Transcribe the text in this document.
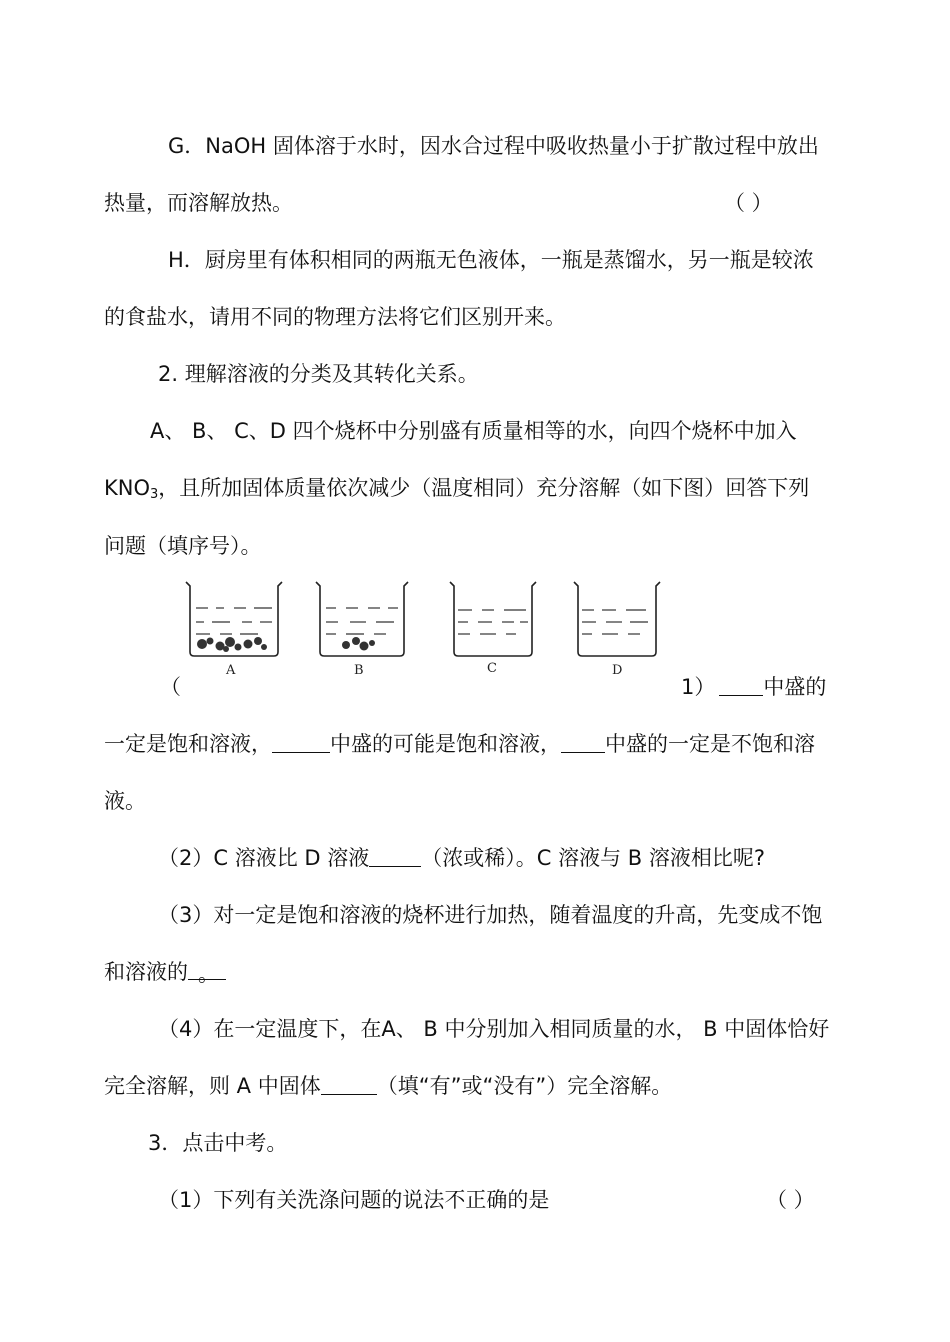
G．NaOH 固体溶于水时，因水合过程中吸收热量小于扩散过程中放出
热量，而溶解放热。	（ ）
H．厨房里有体积相同的两瓶无色液体，一瓶是蒸馏水，另一瓶是较浓
的食盐水，请用不同的物理方法将它们区别开来。
2. 理解溶液的分类及其转化关系。
A、 B、 C、D 四个烧杯中分别盛有质量相等的水，向四个烧杯中加入
$KNO_3$，且所加固体质量依次减少（温度相同）充分溶解（如下图）回答下列
问题（填序号）。
A	B	C	D
（	1） 中盛的
一定是饱和溶液，	中盛的可能是饱和溶液， 中盛的一定是不饱和溶
液。
（2）C 溶液比 D 溶液 （浓或稀）。C 溶液与 B 溶液相比呢?
（3）对一定是饱和溶液的烧杯进行加热，随着温度的升高，先变成不饱
和溶液的 。
（4）在一定温度下，在A、 B 中分别加入相同质量的水， B 中固体恰好
完全溶解，则 A 中固体	（填“有”或“没有”）完全溶解。
3．点击中考。
（1）下列有关洗涤问题的说法不正确的是	（ ）
